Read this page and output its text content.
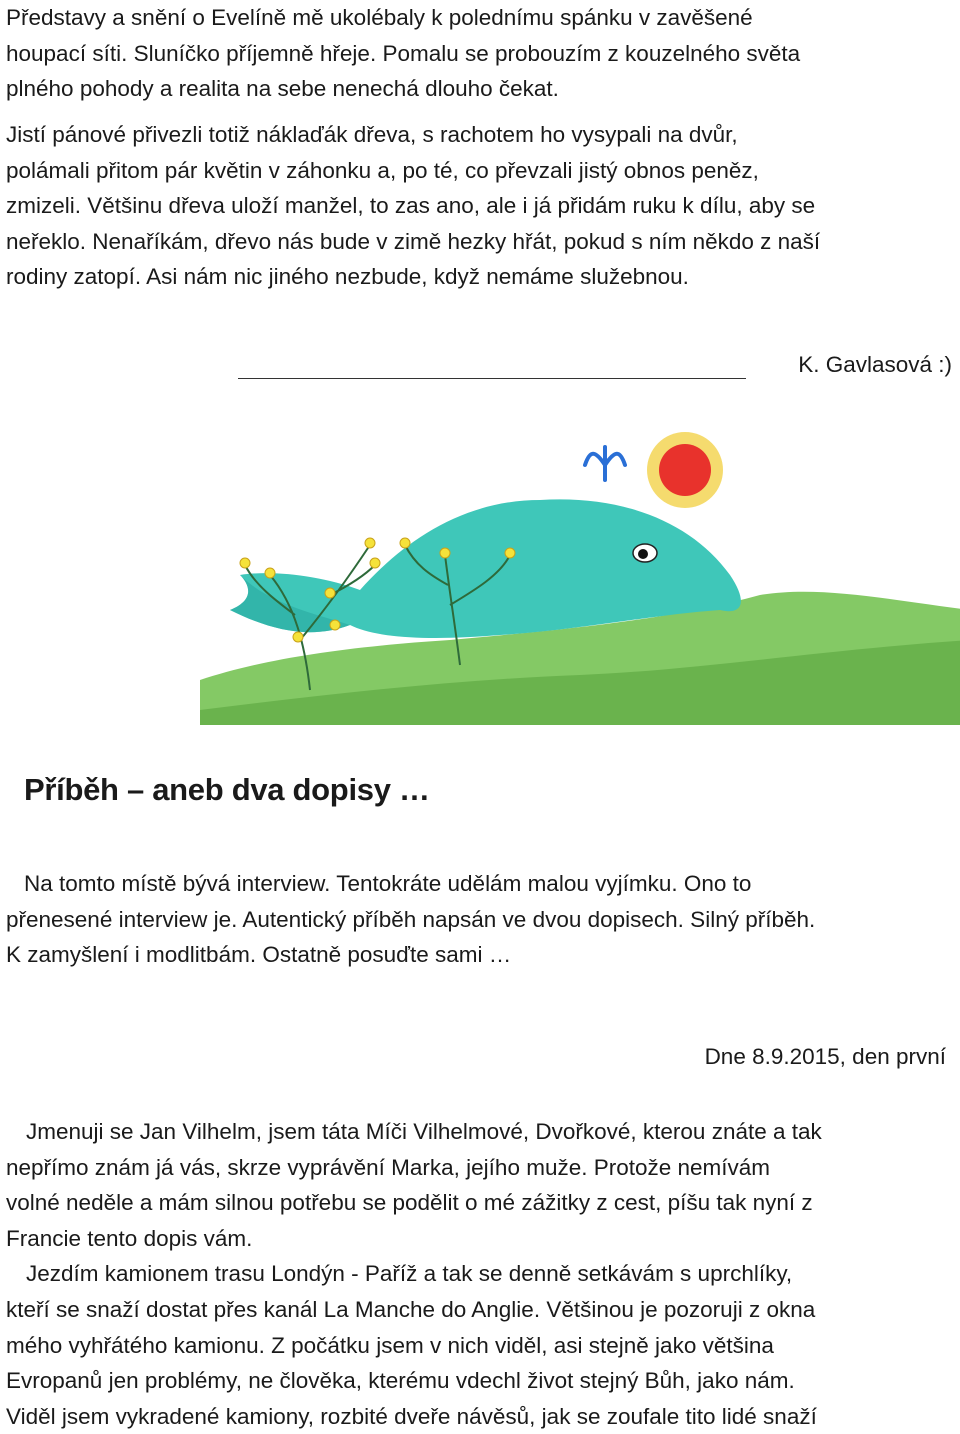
Představy a snění o Evelíně mě ukolébaly k polednímu spánku v zavěšené
houpací síti. Sluníčko příjemně hřeje. Pomalu se probouzím z kouzelného světa
plného pohody a realita na sebe nenechá dlouho čekat.
Jistí pánové přivezli totiž náklaďák dřeva, s rachotem ho vysypali na dvůr,
polámali přitom pár květin v záhonku a, po té, co převzali jistý obnos peněz,
zmizeli. Většinu dřeva uloží manžel, to zas ano, ale i já přidám ruku k dílu, aby se
neřeklo. Nenaříkám, dřevo nás bude v zimě hezky hřát, pokud s ním někdo z naší
rodiny zatopí. Asi nám nic jiného nezbude, když nemáme služebnou.
K. Gavlasová :)
Příběh – aneb dva dopisy …
Na tomto místě bývá interview. Tentokráte udělám malou vyjímku. Ono to
přenesené interview je. Autentický příběh napsán ve dvou dopisech. Silný příběh.
K zamyšlení i modlitbám. Ostatně posuďte sami …
Dne 8.9.2015, den první
Jmenuji se Jan Vilhelm, jsem táta Míči Vilhelmové, Dvořkové, kterou znáte a tak
nepřímo znám já vás, skrze vyprávění Marka, jejího muže. Protože nemívám
volné neděle a mám silnou potřebu se podělit o mé zážitky z cest, píšu tak nyní z
Francie tento dopis vám.
Jezdím kamionem trasu Londýn - Paříž a tak se denně setkávám s uprchlíky,
kteří se snaží dostat přes kanál La Manche do Anglie. Většinou je pozoruji z okna
mého vyhřátého kamionu. Z počátku jsem v nich viděl, asi stejně jako většina
Evropanů jen problémy, ne člověka, kterému vdechl život stejný Bůh, jako nám.
Viděl jsem vykradené kamiony, rozbité dveře návěsů, jak se zoufale tito lidé snaží
